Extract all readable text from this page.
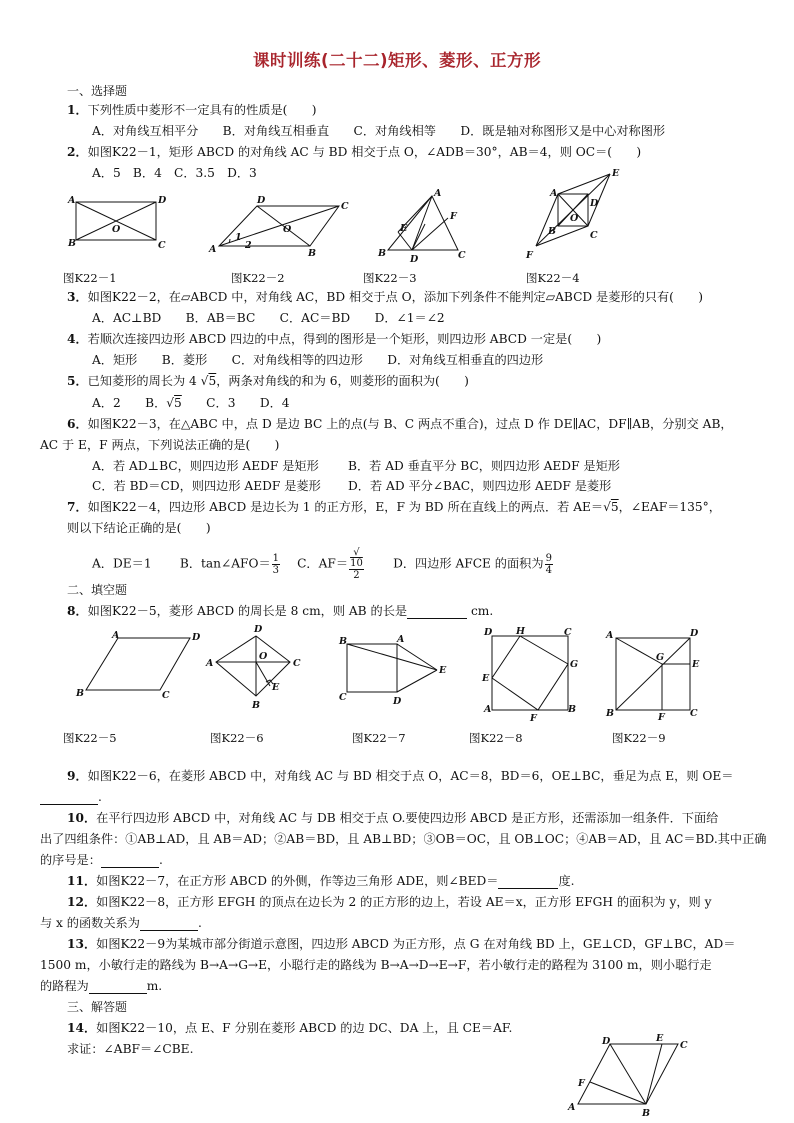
课时训练(二十二)矩形、菱形、正方形
一、选择题
1．下列性质中菱形不一定具有的性质是(　　)
A．对角线互相平分　　B．对角线互相垂直　　C．对角线相等　　D．既是轴对称图形又是中心对称图形
2．如图K22－1，矩形 ABCD 的对角线 AC 与 BD 相交于点 O，∠ADB＝30°，AB＝4，则 OC＝(　　)
A．5　B．4　C．3.5　D．3
A	D
O
B	C
D
C
O
A	B
1
2
A
E
F
B
D	C
E
A
D
O
B	C
F
图K22－1	图K22－2	图K22－3	图K22－4
3．如图K22－2，在▱ABCD 中，对角线 AC，BD 相交于点 O，添加下列条件不能判定▱ABCD 是菱形的只有(　　)
A．AC⊥BD　　B．AB＝BC　　C．AC＝BD　　D．∠1＝∠2
4．若顺次连接四边形 ABCD 四边的中点，得到的图形是一个矩形，则四边形 ABCD 一定是(　　)
A．矩形　　B．菱形　　C．对角线相等的四边形　　D．对角线互相垂直的四边形
5．已知菱形的周长为 4 √5，两条对角线的和为 6，则菱形的面积为(　　)
A．2　　B．√5　　C．3　　D．4
6．如图K22－3，在△ABC 中，点 D 是边 BC 上的点(与 B、C 两点不重合)，过点 D 作 DE∥AC，DF∥AB，分别交 AB，
AC 于 E，F 两点，下列说法正确的是(　　)
A．若 AD⊥BC，则四边形 AEDF 是矩形 B．若 AD 垂直平分 BC，则四边形 AEDF 是矩形
C．若 BD＝CD，则四边形 AEDF 是菱形 D．若 AD 平分∠BAC，则四边形 AEDF 是菱形
7．如图K22－4，四边形 ABCD 是边长为 1 的正方形，E，F 为 BD 所在直线上的两点．若 AE＝√5，∠EAF＝135°，
则以下结论正确的是(　　)
A．DE＝1　　 B．tan∠AFO＝ $\frac{1}{3}$
　 C．AF＝ √
10
2
　　 D．四边形 AFCE 的面积为 $\frac{9}{4}$
二、填空题
8．如图K22－5，菱形 ABCD 的周长是 8 cm，则 AB 的长是	cm.
A	D
B	C
D
A
O
C
E
B
B	A
E
C	D
D	H	C
G
E
A
F
B
A	D
G
E
B	F	C
图K22－5	图K22－6	图K22－7	图K22－8	图K22－9
9．如图K22－6，在菱形 ABCD 中，对角线 AC 与 BD 相交于点 O，AC＝8，BD＝6，OE⊥BC，垂足为点 E，则 OE＝
.
10．在平行四边形 ABCD 中，对角线 AC 与 DB 相交于点 O.要使四边形 ABCD 是正方形，还需添加一组条件．下面给
出了四组条件：①AB⊥AD，且 AB＝AD；②AB＝BD，且 AB⊥BD；③OB＝OC，且 OB⊥OC；④AB＝AD，且 AC＝BD.其中正确
的序号是：	.
11．如图K22－7，在正方形 ABCD 的外侧，作等边三角形 ADE，则∠BED＝	度.
12．如图K22－8，正方形 EFGH 的顶点在边长为 2 的正方形的边上，若设 AE＝x，正方形 EFGH 的面积为 y，则 y
与 x 的函数关系为	.
13．如图K22－9为某城市部分街道示意图，四边形 ABCD 为正方形，点 G 在对角线 BD 上，GE⊥CD，GF⊥BC，AD＝
1500 m，小敏行走的路线为 B→A→G→E，小聪行走的路线为 B→A→D→E→F，若小敏行走的路程为 3100 m，则小聪行走
的路程为	m.
三、解答题
14．如图K22－10，点 E、F 分别在菱形 ABCD 的边 DC、DA 上，且 CE＝AF.
求证：∠ABF＝∠CBE.
D	E
C
F
A
B
